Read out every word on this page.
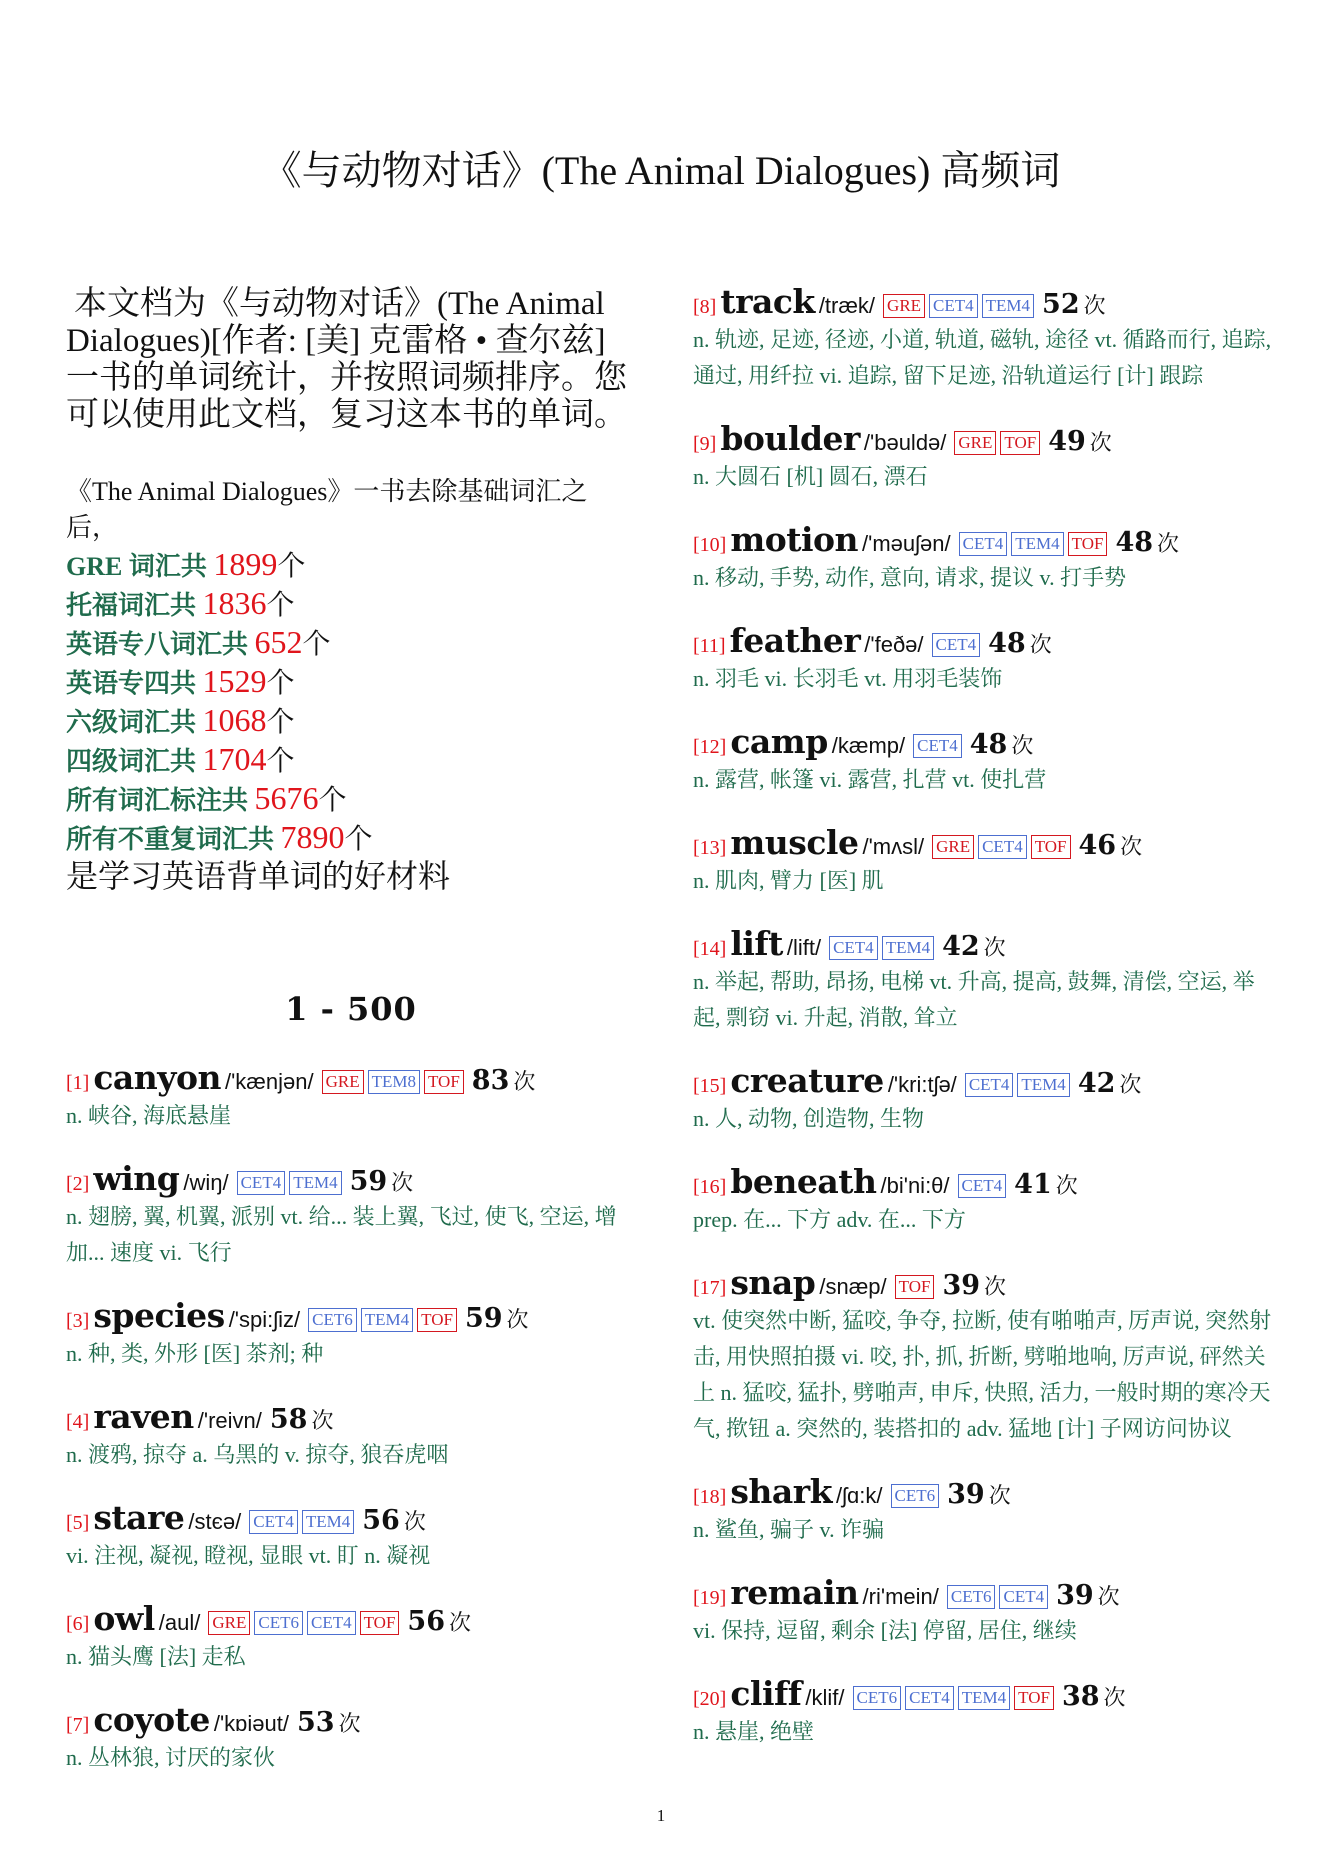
《与动物对话》(The Animal Dialogues) 高频词

本文档为《与动物对话》(The Animal Dialogues)[作者: [美] 克雷格 • 查尔兹] 一书的单词统计，并按照词频排序。您可以使用此文档，复习这本书的单词。

《The Animal Dialogues》一书去除基础词汇之后，
GRE 词汇共 1899个
托福词汇共 1836个
英语专八词汇共 652个
英语专四共 1529个
六级词汇共 1068个
四级词汇共 1704个
所有词汇标注共 5676个
所有不重复词汇共 7890个
是学习英语背单词的好材料
1 - 500
[1] canyon /'kænjən/ GRE TEM8 TOF 83 次
n. 峡谷, 海底悬崖
[2] wing /wiŋ/ CET4 TEM4 59 次
n. 翅膀, 翼, 机翼, 派别 vt. 给... 装上翼, 飞过, 使飞, 空运, 增加... 速度 vi. 飞行
[3] species /'spi:ʃiz/ CET6 TEM4 TOF 59 次
n. 种, 类, 外形 [医] 茶剂; 种
[4] raven /'reivn/ 58 次
n. 渡鸦, 掠夺 a. 乌黑的 v. 掠夺, 狼吞虎咽
[5] stare /stєə/ CET4 TEM4 56 次
vi. 注视, 凝视, 瞪视, 显眼 vt. 盯 n. 凝视
[6] owl /aul/ GRE CET6 CET4 TOF 56 次
n. 猫头鹰 [法] 走私
[7] coyote /'kɒiəut/ 53 次
n. 丛林狼, 讨厌的家伙
[8] track /træk/ GRE CET4 TEM4 52 次
n. 轨迹, 足迹, 径迹, 小道, 轨道, 磁轨, 途径 vt. 循路而行, 追踪, 通过, 用纤拉 vi. 追踪, 留下足迹, 沿轨道运行 [计] 跟踪
[9] boulder /'bəuldə/ GRE TOF 49 次
n. 大圆石 [机] 圆石, 漂石
[10] motion /'məuʃən/ CET4 TEM4 TOF 48 次
n. 移动, 手势, 动作, 意向, 请求, 提议 v. 打手势
[11] feather /'feðə/ CET4 48 次
n. 羽毛 vi. 长羽毛 vt. 用羽毛装饰
[12] camp /kæmp/ CET4 48 次
n. 露营, 帐篷 vi. 露营, 扎营 vt. 使扎营
[13] muscle /'mʌsl/ GRE CET4 TOF 46 次
n. 肌肉, 臂力 [医] 肌
[14] lift /lift/ CET4 TEM4 42 次
n. 举起, 帮助, 昂扬, 电梯 vt. 升高, 提高, 鼓舞, 清偿, 空运, 举起, 剽窃 vi. 升起, 消散, 耸立
[15] creature /'kri:tʃə/ CET4 TEM4 42 次
n. 人, 动物, 创造物, 生物
[16] beneath /bi'ni:θ/ CET4 41 次
prep. 在... 下方 adv. 在... 下方
[17] snap /snæp/ TOF 39 次
vt. 使突然中断, 猛咬, 争夺, 拉断, 使有啪啪声, 厉声说, 突然射击, 用快照拍摄 vi. 咬, 扑, 抓, 折断, 劈啪地响, 厉声说, 砰然关上 n. 猛咬, 猛扑, 劈啪声, 申斥, 快照, 活力, 一般时期的寒冷天气, 揿钮 a. 突然的, 装搭扣的 adv. 猛地 [计] 子网访问协议
[18] shark /ʃɑ:k/ CET6 39 次
n. 鲨鱼, 骗子 v. 诈骗
[19] remain /ri'mein/ CET6 CET4 39 次
vi. 保持, 逗留, 剩余 [法] 停留, 居住, 继续
[20] cliff /klif/ CET6 CET4 TEM4 TOF 38 次
n. 悬崖, 绝壁
1
